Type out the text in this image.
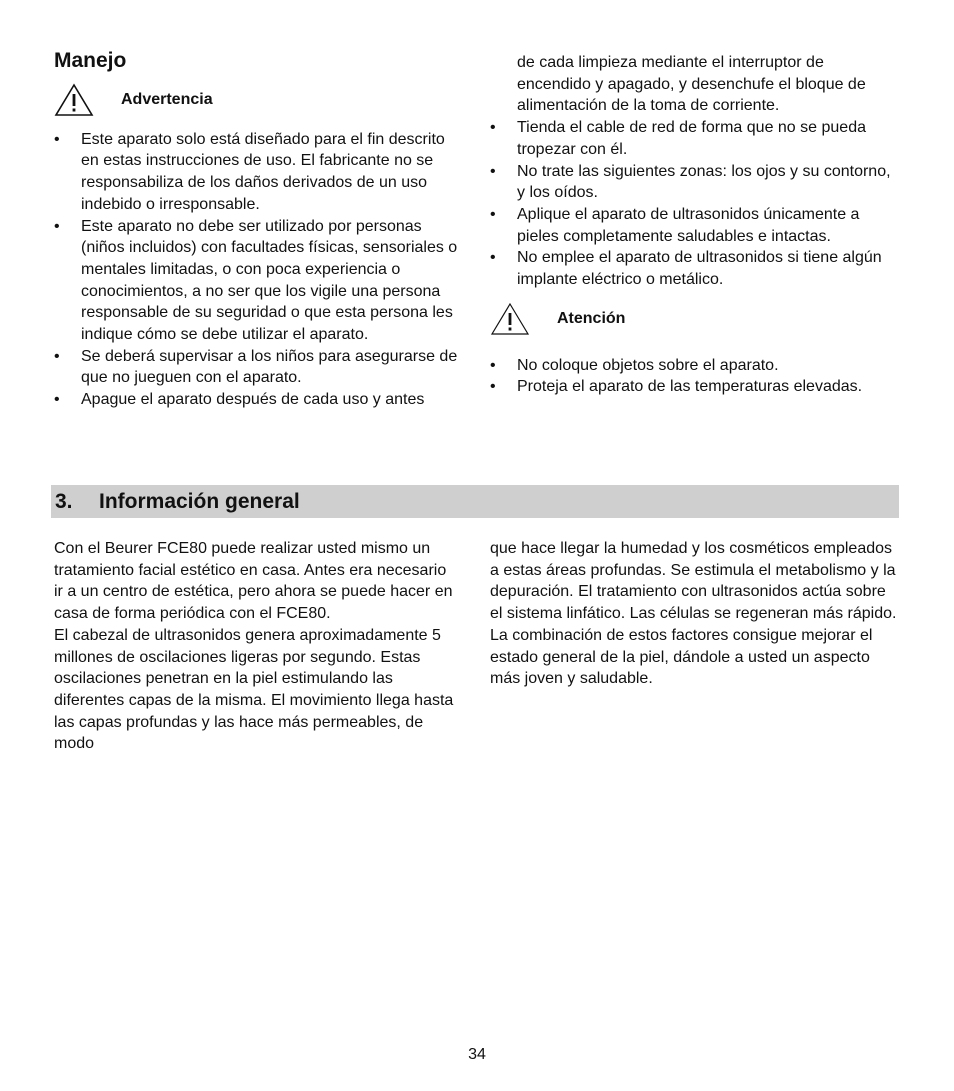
Manejo
Advertencia
• Este aparato solo está diseñado para el fin descrito en estas instrucciones de uso. El fabricante no se responsabiliza de los daños derivados de un uso indebido o irresponsable.
• Este aparato no debe ser utilizado por personas (niños incluidos) con facultades físicas, sensoriales o mentales limitadas, o con poca experiencia o conocimientos, a no ser que los vigile una persona responsable de su seguridad o que esta persona les indique cómo se debe utilizar el aparato.
• Se deberá supervisar a los niños para asegurarse de que no jueguen con el aparato.
• Apague el aparato después de cada uso y antes
de cada limpieza mediante el interruptor de encendido y apagado, y desenchufe el bloque de alimentación de la toma de corriente.
• Tienda el cable de red de forma que no se pueda tropezar con él.
• No trate las siguientes zonas: los ojos y su contorno, y los oídos.
• Aplique el aparato de ultrasonidos únicamente a pieles completamente saludables e intactas.
• No emplee el aparato de ultrasonidos si tiene algún implante eléctrico o metálico.
Atención
• No coloque objetos sobre el aparato.
• Proteja el aparato de las temperaturas elevadas.
3.	Información general

Con el Beurer FCE80 puede realizar usted mismo un tratamiento facial estético en casa. Antes era necesario ir a un centro de estética, pero ahora se puede hacer en casa de forma periódica con el FCE80.

El cabezal de ultrasonidos genera aproximadamente 5 millones de oscilaciones ligeras por segundo. Estas oscilaciones penetran en la piel estimulando las diferentes capas de la misma. El movimiento llega hasta las capas profundas y las hace más permeables, de modo

que hace llegar la humedad y los cosméticos empleados a estas áreas profundas. Se estimula el metabolismo y la depuración. El tratamiento con ultrasonidos actúa sobre el sistema linfático. Las células se regeneran más rápido. La combinación de estos factores consigue mejorar el estado general de la piel, dándole a usted un aspecto más joven y saludable.

34
